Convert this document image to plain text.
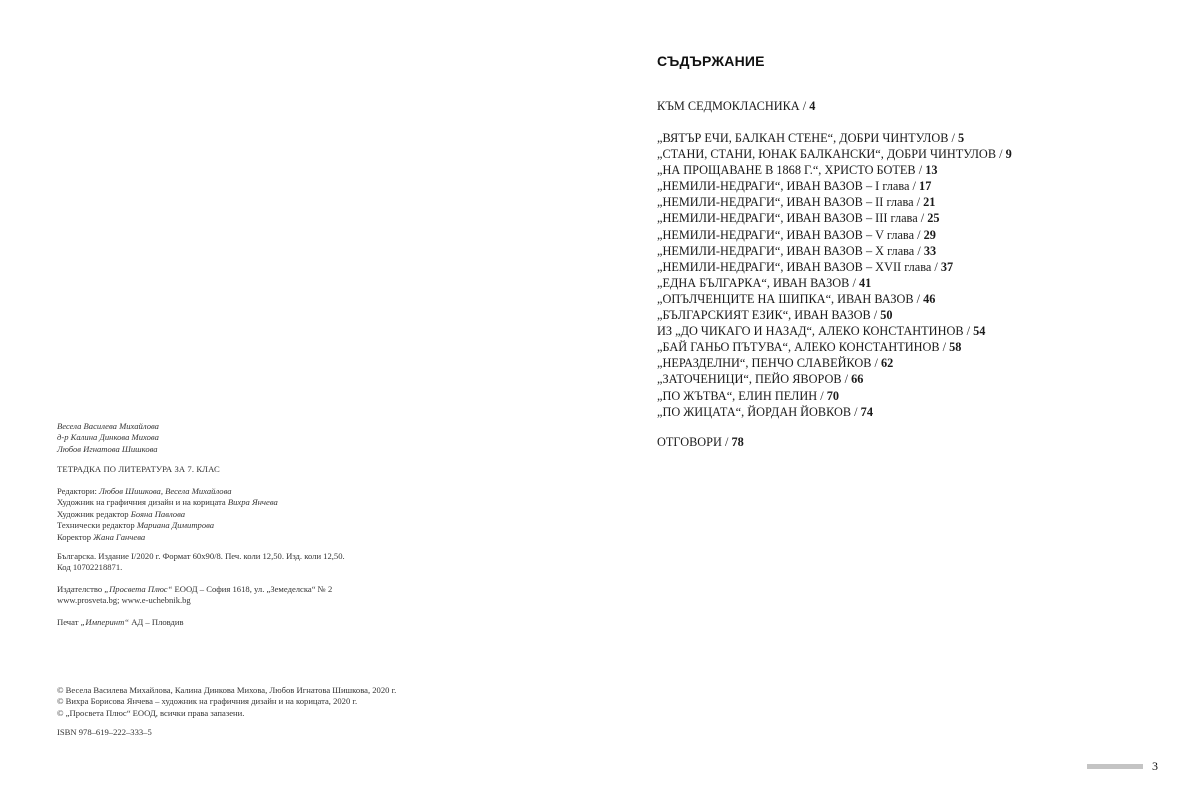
Весела Василева Михайлова
д-р Калина Динкова Михова
Любов Игнатова Шишкова
ТЕТРАДКА ПО ЛИТЕРАТУРА ЗА 7. КЛАС
Редактори: Любов Шишкова, Весела Михайлова
Художник на графичния дизайн и на корицата Вихра Янчева
Художник редактор Боянa Павлова
Технически редактор Мариана Димитрова
Коректор Жана Ганчева
Българска. Издание I/2020 г. Формат 60x90/8. Печ. коли 12,50. Изд. коли 12,50.
Код 10702218871.
Издателство „Просвета Плюс“ ЕООД – София 1618, ул. „Земеделска“ № 2
www.prosveta.bg; www.e-uchebnik.bg
Печат „Империнт“ АД – Пловдив
© Весела Василева Михайлова, Калина Динкова Михова, Любов Игнатова Шишкова, 2020 г.
© Вихра Борисова Янчева – художник на графичния дизайн и на корицата, 2020 г.
© „Просвета Плюс“ ЕООД, всички права запазени.
ISBN 978–619–222–333–5
СЪДЪРЖАНИЕ
КЪМ СЕДМОКЛАСНИКА / 4
„ВЯТЪР ЕЧИ, БАЛКАН СТЕНЕ“, ДОБРИ ЧИНТУЛОВ / 5
„СТАНИ, СТАНИ, ЮНАК БАЛКАНСКИ“, ДОБРИ ЧИНТУЛОВ / 9
„НА ПРОЩАВАНЕ В 1868 Г.“, ХРИСТО БОТЕВ / 13
„НЕМИЛИ-НЕДРАГИ“, ИВАН ВАЗОВ – I глава / 17
„НЕМИЛИ-НЕДРАГИ“, ИВАН ВАЗОВ – II глава / 21
„НЕМИЛИ-НЕДРАГИ“, ИВАН ВАЗОВ – III глава / 25
„НЕМИЛИ-НЕДРАГИ“, ИВАН ВАЗОВ – V глава / 29
„НЕМИЛИ-НЕДРАГИ“, ИВАН ВАЗОВ – X глава / 33
„НЕМИЛИ-НЕДРАГИ“, ИВАН ВАЗОВ – XVII глава / 37
„ЕДНА БЪЛГАРКА“, ИВАН ВАЗОВ / 41
„ОПЪЛЧЕНЦИТЕ НА ШИПКА“, ИВАН ВАЗОВ / 46
„БЪЛГАРСКИЯТ ЕЗИК“, ИВАН ВАЗОВ / 50
ИЗ „ДО ЧИКАГО И НАЗАД“, АЛЕКО КОНСТАНТИНОВ / 54
„БАЙ ГАНЬО ПЪТУВА“, АЛЕКО КОНСТАНТИНОВ / 58
„НЕРАЗДЕЛНИ“, ПЕНЧО СЛАВЕЙКОВ / 62
„ЗАТОЧЕНИЦИ“, ПЕЙО ЯВОРОВ / 66
„ПО ЖЪТВА“, ЕЛИН ПЕЛИН / 70
„ПО ЖИЦАТА“, ЙОРДАН ЙОВКОВ / 74
ОТГОВОРИ / 78
3
